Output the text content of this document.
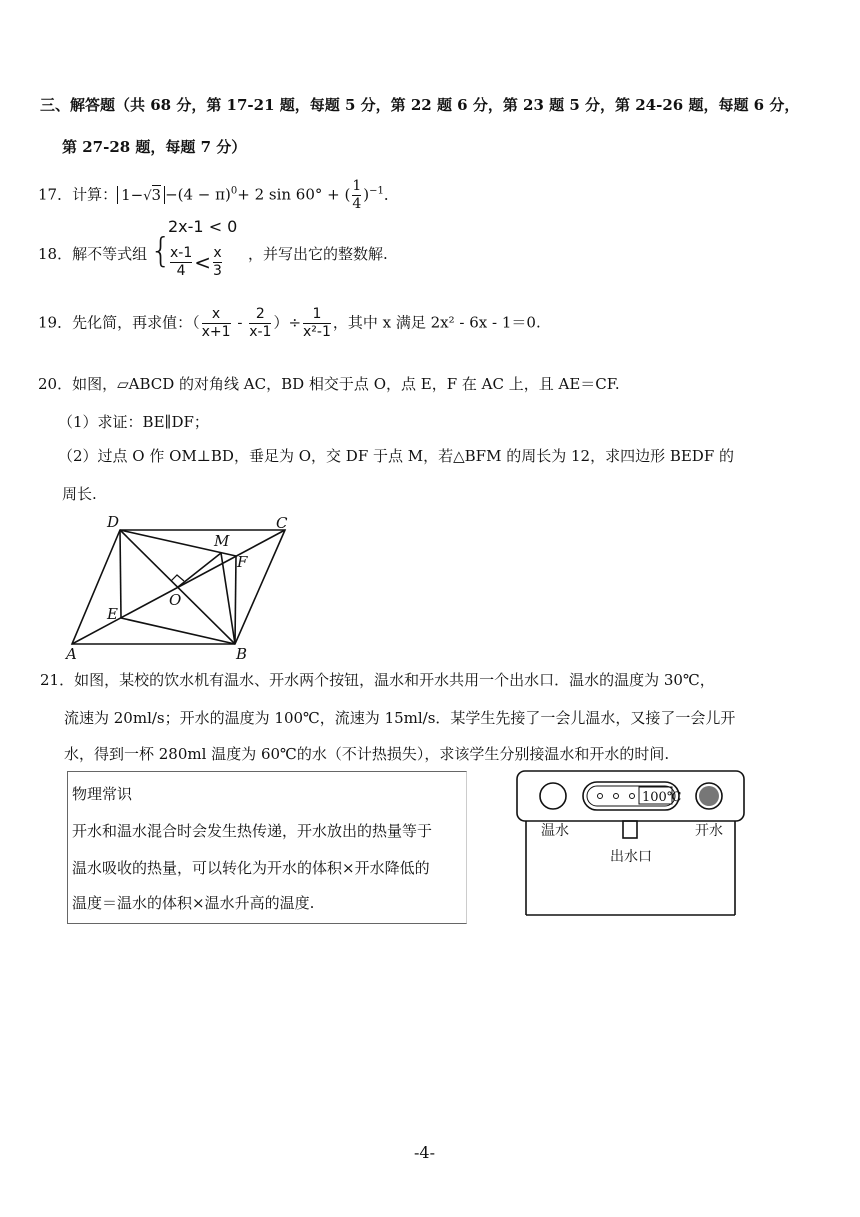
三、解答题（共 68 分，第 17-21 题，每题 5 分，第 22 题 6 分，第 23 题 5 分，第 24-26 题，每题 6 分，
第 27-28 题，每题 7 分）
17．计算： $1-√3 -(4 - \pi)^0+ 2$ sin 60° + ( $\frac{1}{4} )^{-1}$．
18．解不等式组 {
2x-1 < 0
$\frac{x-1}{4} < \frac{x}{3}$ ，并写出它的整数解.
19．先化简，再求值：（ $\frac{x}{x+1} - \frac{2}{x-1}$ ）÷ $\frac{1}{\text{x²-1}}$ ，其中 x 满足 2x² - 6x - 1＝0.
20．如图，▱ABCD 的对角线 AC，BD 相交于点 O，点 E，F 在 AC 上，且 AE＝CF.
（1）求证：BE∥DF；
（2）过点 O 作 OM⊥BD，垂足为 O，交 DF 于点 M，若△BFM 的周长为 12，求四边形 BEDF 的
周长.
D	C
M
F
O
E
A	B
21．如图，某校的饮水机有温水、开水两个按钮，温水和开水共用一个出水口．温水的温度为 30℃，
流速为 20ml/s；开水的温度为 100℃，流速为 15ml/s．某学生先接了一会儿温水，又接了一会儿开
水，得到一杯 280ml 温度为 60℃的水（不计热损失），求该学生分别接温水和开水的时间.
物理常识
开水和温水混合时会发生热传递，开水放出的热量等于
温水吸收的热量，可以转化为开水的体积×开水降低的
温度＝温水的体积×温水升高的温度.
100℃
温水	开水
出水口
-4-
